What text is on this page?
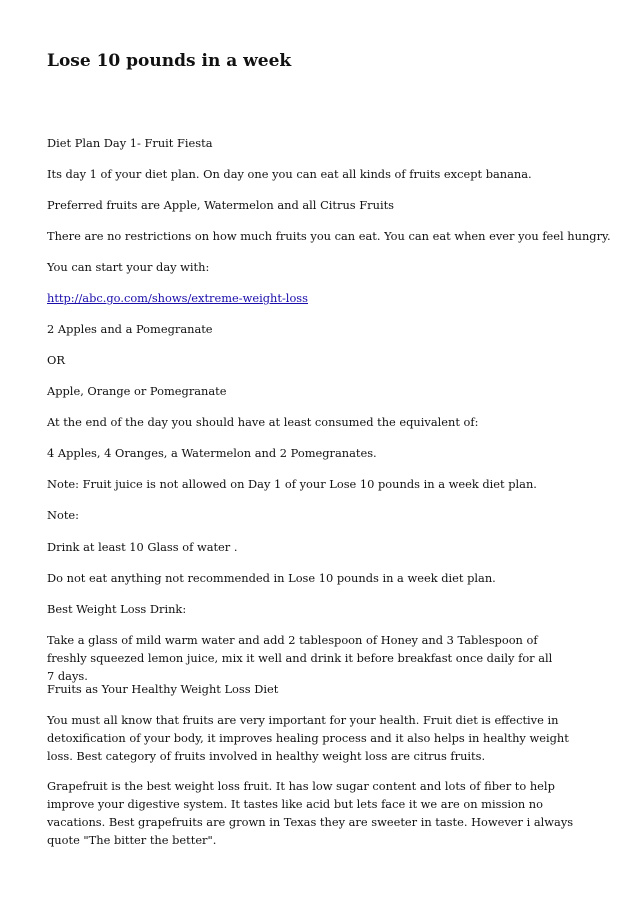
Lose 10 pounds in a week

Diet Plan Day 1- Fruit Fiesta

Its day 1 of your diet plan. On day one you can eat all kinds of fruits except banana.

Preferred fruits are Apple, Watermelon and all Citrus Fruits

There are no restrictions on how much fruits you can eat. You can eat when ever you feel hungry.

You can start your day with:

http://abc.go.com/shows/extreme-weight-loss

2 Apples and a Pomegranate

OR

Apple, Orange or Pomegranate

At the end of the day you should have at least consumed the equivalent of:

4 Apples, 4 Oranges, a Watermelon and 2 Pomegranates.

Note: Fruit juice is not allowed on Day 1 of your Lose 10 pounds in a week diet plan.

Note:

Drink at least 10 Glass of water .

Do not eat anything not recommended in Lose 10 pounds in a week diet plan.

Best Weight Loss Drink:

Take a glass of mild warm water and add 2 tablespoon of Honey and 3 Tablespoon of freshly squeezed lemon juice, mix it well and drink it before breakfast once daily for all 7 days.

Fruits as Your Healthy Weight Loss Diet

You must all know that fruits are very important for your health. Fruit diet is effective in detoxification of your body, it improves healing process and it also helps in healthy weight loss. Best category of fruits involved in healthy weight loss are citrus fruits.

Grapefruit is the best weight loss fruit. It has low sugar content and lots of fiber to help improve your digestive system. It tastes like acid but lets face it we are on mission no vacations. Best grapefruits are grown in Texas they are sweeter in taste. However i always quote "The bitter the better".
